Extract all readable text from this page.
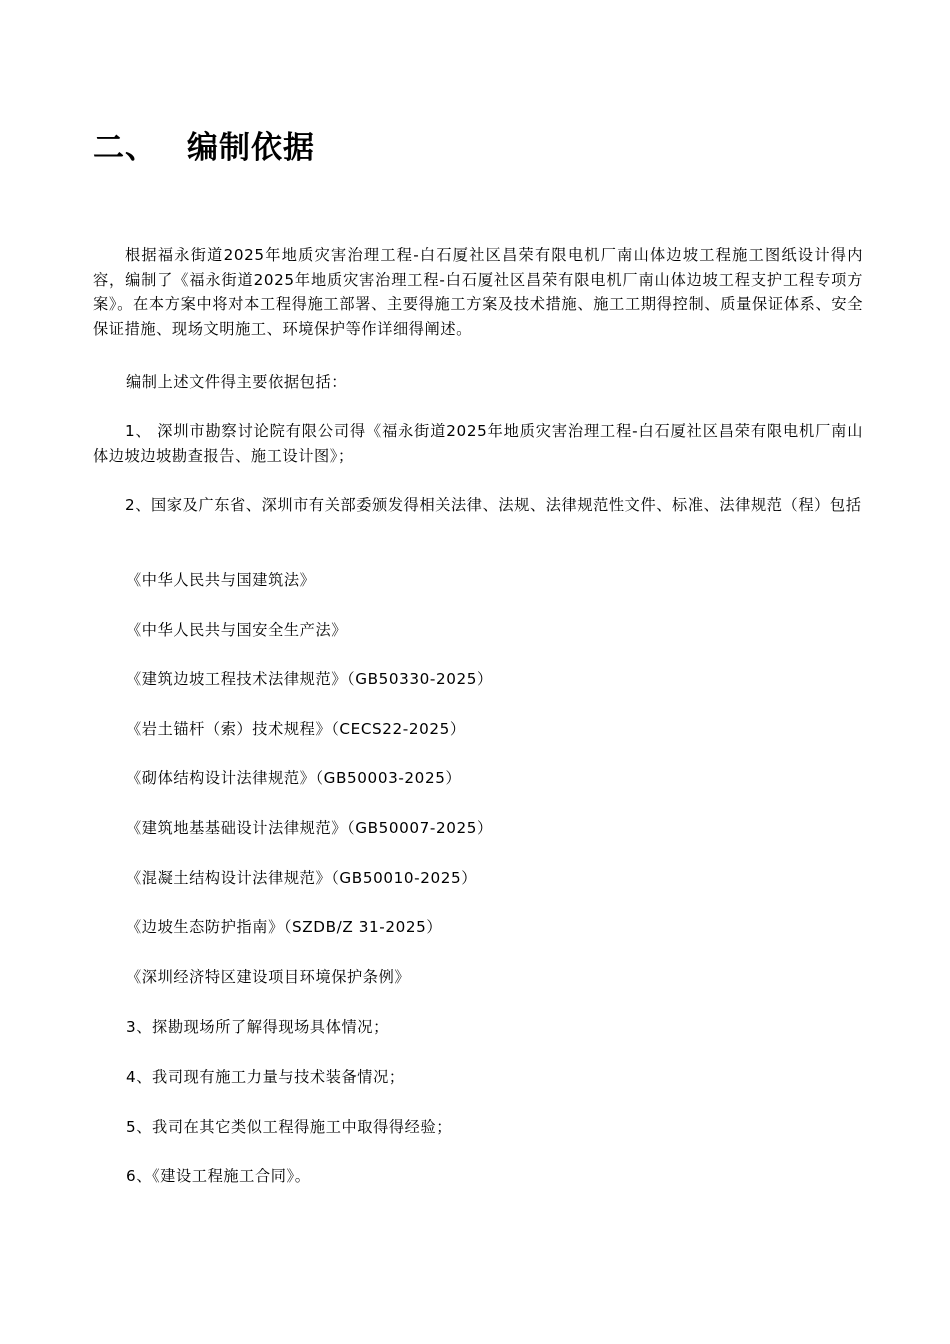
二、 编制依据

根据福永街道2025年地质灾害治理工程-白石厦社区昌荣有限电机厂南山体边坡工程施工图纸设计得内容，编制了《福永街道2025年地质灾害治理工程-白石厦社区昌荣有限电机厂南山体边坡工程支护工程专项方案》。在本方案中将对本工程得施工部署、主要得施工方案及技术措施、施工工期得控制、质量保证体系、安全保证措施、现场文明施工、环境保护等作详细得阐述。

编制上述文件得主要依据包括：

1、 深圳市勘察讨论院有限公司得《福永街道2025年地质灾害治理工程-白石厦社区昌荣有限电机厂南山体边坡边坡勘查报告、施工设计图》；

2、国家及广东省、深圳市有关部委颁发得相关法律、法规、法律规范性文件、标准、法律规范（程）包括

《中华人民共与国建筑法》
《中华人民共与国安全生产法》
《建筑边坡工程技术法律规范》（GB50330-2025）
《岩土锚杆（索）技术规程》（CECS22-2025）
《砌体结构设计法律规范》（GB50003-2025）
《建筑地基基础设计法律规范》（GB50007-2025）
《混凝土结构设计法律规范》（GB50010-2025）
《边坡生态防护指南》（SZDB/Z 31-2025）
《深圳经济特区建设项目环境保护条例》
3、探勘现场所了解得现场具体情况；
4、我司现有施工力量与技术装备情况；
5、我司在其它类似工程得施工中取得得经验；
6、《建设工程施工合同》。
